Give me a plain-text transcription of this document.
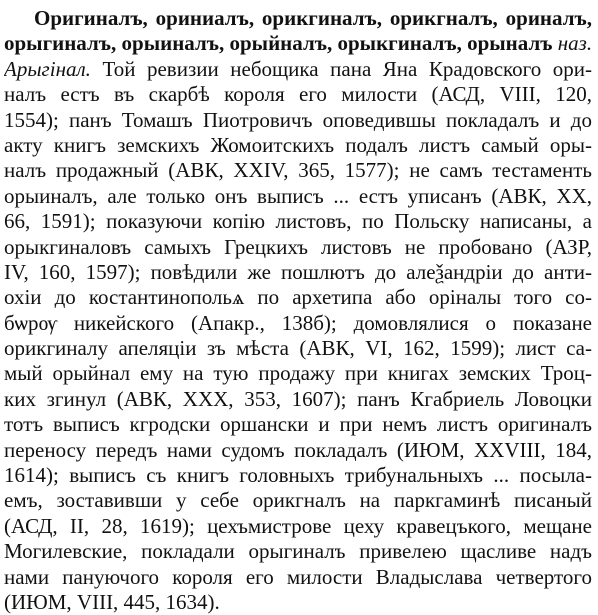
Оригиналъ, ориниалъ, орикгиналъ, орикгналъ, ориналъ,
орыгиналъ, орыиналъ, орыйналъ, орыкгиналъ, орыналъ наз.
Арыгінал. Той ревизии небощика пана Яна Крадовского ори-
налъ естъ въ скарбѣ короля его милости (АСД, VIII, 120,
1554); панъ Томашъ Пиотровичъ оповедившы покладалъ и до
акту книгъ земскихъ Жомоитскихъ подалъ листъ самый оры-
налъ продажный (АВК, XXIV, 365, 1577); не самъ тестаменть
орыиналъ, але только онъ выписъ ... естъ уписанъ (АВК, XX,
66, 1591); показуючи копію листовъ, по Польску написаны, а
орыкгиналовъ самыхъ Грецкихъ листовъ не пробовано (АЗР,
IV, 160, 1597); повѣдили же пошлютъ до алеѯандріи до анти-
охіи до костантинопольѧ по архетипа або оріналы того со-
бѡрѹ никейского (Апакр., 138б); домовлялися о показане
орикгиналу апеляціи зъ мѣста (АВК, VI, 162, 1599); лист са-
мый орыйнал ему на тую продажу при книгах земских Троц-
ких згинул (АВК, XXX, 353, 1607); панъ Кгабриель Ловоцки
тотъ выписъ кгродски оршански и при немъ листъ оригиналъ
переносу передъ нами судомъ покладалъ (ИЮМ, XXVIII, 184,
1614); выписъ съ книгъ головныхъ трибунальныхъ ... посыла-
емъ, зоставивши у себе орикгналъ на паркгаминѣ писаный
(АСД, II, 28, 1619); цехъмистрове цеху кравецъкого, мещане
Могилевские, покладали орыгиналъ привелею щасливе надъ
нами пануючого короля его милости Владыслава четвертого
(ИЮМ, VIII, 445, 1634).
